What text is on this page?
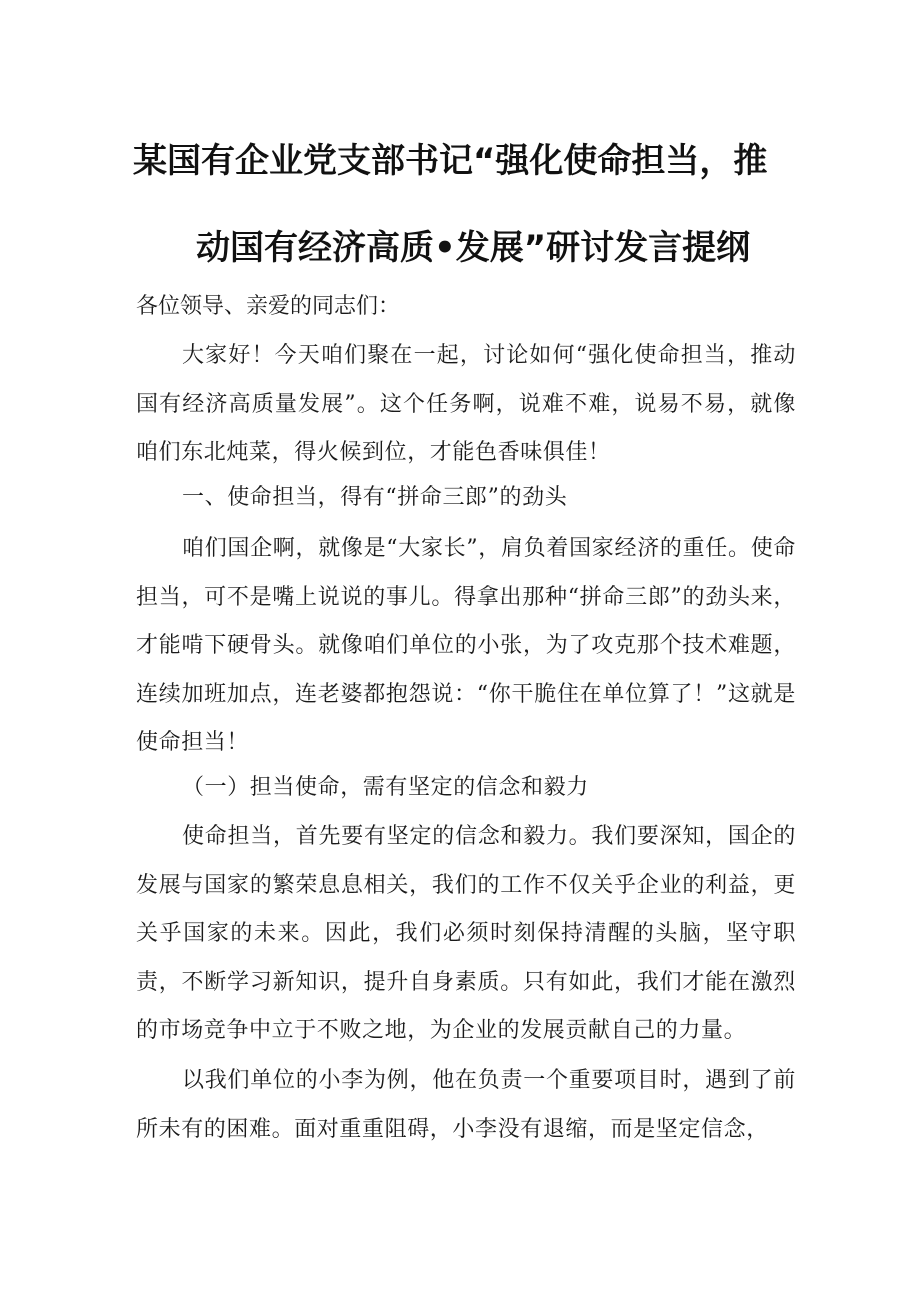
某国有企业党支部书记“强化使命担当，推
动国有经济高质•发展”研讨发言提纲
各位领导、亲爱的同志们：

大家好！今天咱们聚在一起，讨论如何“强化使命担当，推动国有经济高质量发展”。这个任务啊，说难不难，说易不易，就像咱们东北炖菜，得火候到位，才能色香味俱佳！

一、使命担当，得有“拼命三郎”的劲头

咱们国企啊，就像是“大家长”，肩负着国家经济的重任。使命担当，可不是嘴上说说的事儿。得拿出那种“拼命三郎”的劲头来，才能啃下硬骨头。就像咱们单位的小张，为了攻克那个技术难题，连续加班加点，连老婆都抱怨说：“你干脆住在单位算了！”这就是使命担当！

（一）担当使命，需有坚定的信念和毅力

使命担当，首先要有坚定的信念和毅力。我们要深知，国企的发展与国家的繁荣息息相关，我们的工作不仅关乎企业的利益，更关乎国家的未来。因此，我们必须时刻保持清醒的头脑，坚守职责，不断学习新知识，提升自身素质。只有如此，我们才能在激烈的市场竞争中立于不败之地，为企业的发展贡献自己的力量。

以我们单位的小李为例，他在负责一个重要项目时，遇到了前所未有的困难。面对重重阻碍，小李没有退缩，而是坚定信念，
